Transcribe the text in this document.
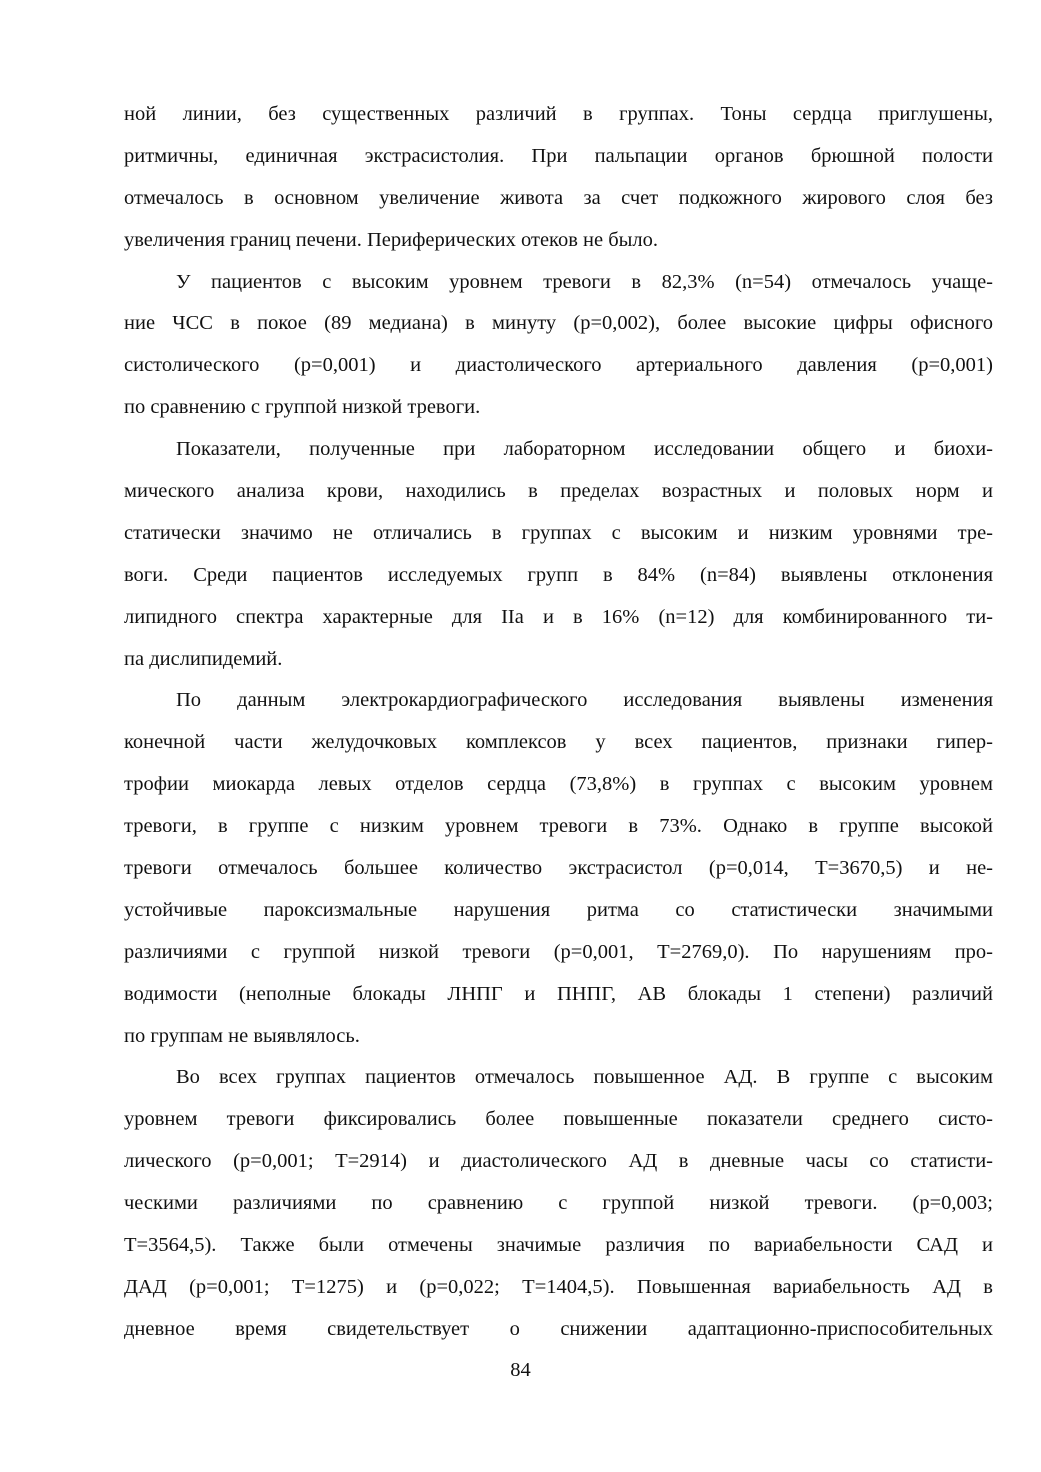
ной линии, без существенных различий в группах. Тоны сердца приглушены,
ритмичны, единичная экстрасистолия. При пальпации органов брюшной полости
отмечалось в основном увеличение живота за счет подкожного жирового слоя без
увеличения границ печени. Периферических отеков не было.
У пациентов с высоким уровнем тревоги в 82,3% (n=54) отмечалось учаще-
ние ЧСС в покое (89 медиана) в минуту (р=0,002), более высокие цифры офисного
систолического (р=0,001) и диастолического артериального давления (р=0,001)
по сравнению с группой низкой тревоги.
Показатели, полученные при лабораторном исследовании общего и биохи-
мического анализа крови, находились в пределах возрастных и половых норм и
статически значимо не отличались в группах с высоким и низким уровнями тре-
воги. Среди пациентов исследуемых групп в 84% (n=84) выявлены отклонения
липидного спектра характерные для IIa и в 16% (n=12) для комбинированного ти-
па дислипидемий.
По данным электрокардиографического исследования выявлены изменения
конечной части желудочковых комплексов у всех пациентов, признаки гипер-
трофии миокарда левых отделов сердца (73,8%) в группах с высоким уровнем
тревоги, в группе с низким уровнем тревоги в 73%. Однако в группе высокой
тревоги отмечалось большее количество экстрасистол (р=0,014, Т=3670,5) и не-
устойчивые пароксизмальные нарушения ритма со статистически значимыми
различиями с группой низкой тревоги (р=0,001, Т=2769,0). По нарушениям про-
водимости (неполные блокады ЛНПГ и ПНПГ, АВ блокады 1 степени) различий
по группам не выявлялось.
Во всех группах пациентов отмечалось повышенное АД. В группе с высоким
уровнем тревоги фиксировались более повышенные показатели среднего систо-
лического (р=0,001; Т=2914) и диастолического АД в дневные часы со статисти-
ческими различиями по сравнению с группой низкой тревоги. (р=0,003;
Т=3564,5). Также были отмечены значимые различия по вариабельности САД и
ДАД (р=0,001; Т=1275) и (р=0,022; Т=1404,5). Повышенная вариабельность АД в
дневное время свидетельствует о снижении адаптационно-приспособительных
84
